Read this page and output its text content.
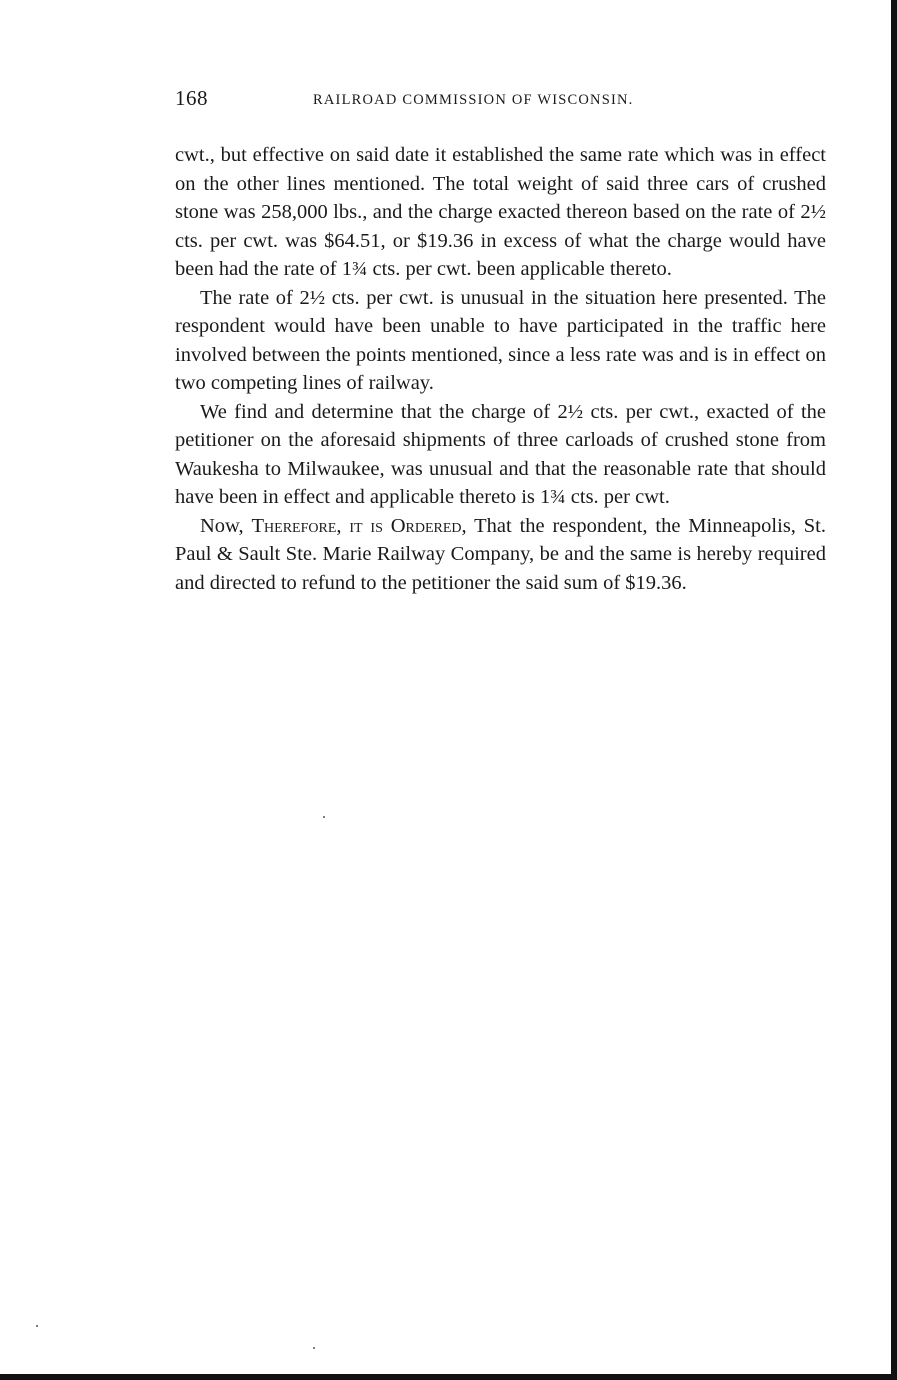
168	RAILROAD COMMISSION OF WISCONSIN.

cwt., but effective on said date it established the same rate which was in effect on the other lines mentioned. The total weight of said three cars of crushed stone was 258,000 lbs., and the charge exacted thereon based on the rate of 2½ cts. per cwt. was $64.51, or $19.36 in excess of what the charge would have been had the rate of 1¾ cts. per cwt. been applicable thereto.

The rate of 2½ cts. per cwt. is unusual in the situation here presented. The respondent would have been unable to have participated in the traffic here involved between the points mentioned, since a less rate was and is in effect on two competing lines of railway.

We find and determine that the charge of 2½ cts. per cwt., exacted of the petitioner on the aforesaid shipments of three carloads of crushed stone from Waukesha to Milwaukee, was unusual and that the reasonable rate that should have been in effect and applicable thereto is 1¾ cts. per cwt.

Now, Therefore, it is Ordered, That the respondent, the Minneapolis, St. Paul & Sault Ste. Marie Railway Company, be and the same is hereby required and directed to refund to the petitioner the said sum of $19.36.
